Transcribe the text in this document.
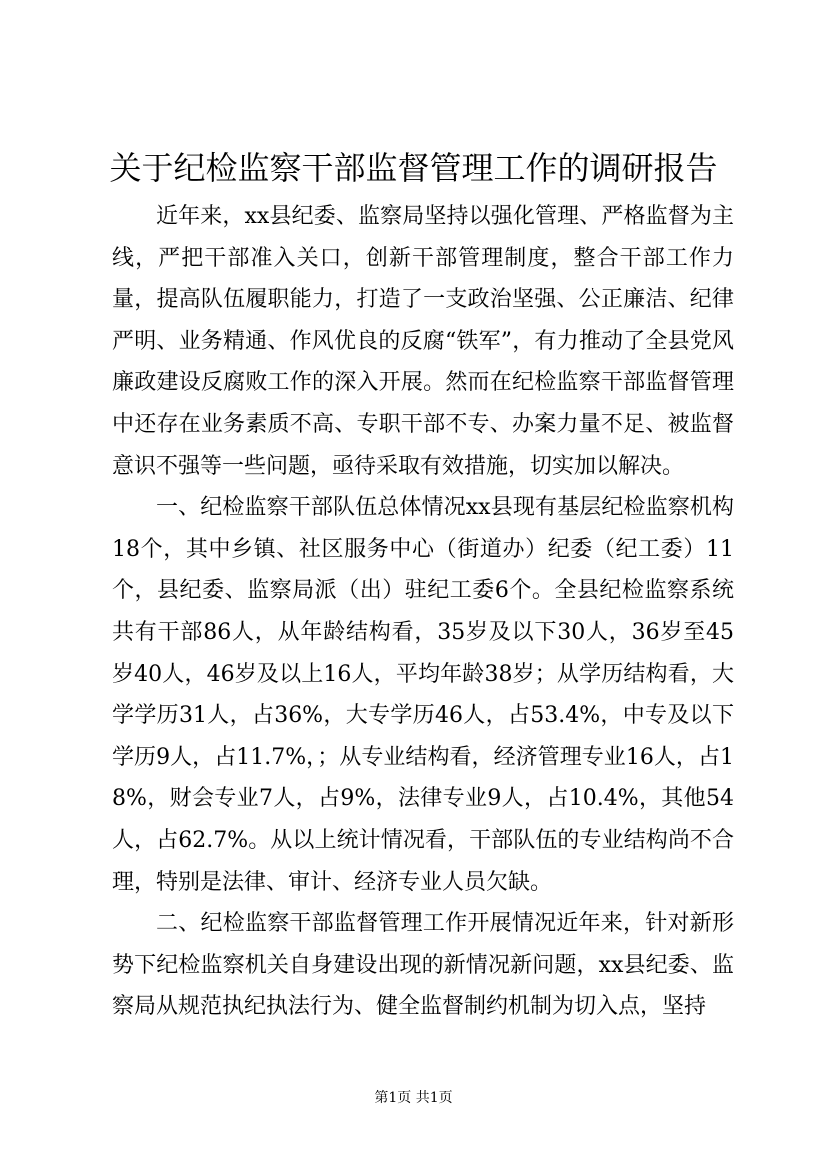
关于纪检监察干部监督管理工作的调研报告

近年来，xx县纪委、监察局坚持以强化管理、严格监督为主线，严把干部准入关口，创新干部管理制度，整合干部工作力量，提高队伍履职能力，打造了一支政治坚强、公正廉洁、纪律严明、业务精通、作风优良的反腐“铁军”，有力推动了全县党风廉政建设反腐败工作的深入开展。然而在纪检监察干部监督管理中还存在业务素质不高、专职干部不专、办案力量不足、被监督意识不强等一些问题，亟待采取有效措施，切实加以解决。

一、纪检监察干部队伍总体情况xx县现有基层纪检监察机构18个，其中乡镇、社区服务中心（街道办）纪委（纪工委）11个，县纪委、监察局派（出）驻纪工委6个。全县纪检监察系统共有干部86人，从年龄结构看，35岁及以下30人，36岁至45岁40人，46岁及以上16人，平均年龄38岁；从学历结构看，大学学历31人，占36%，大专学历46人，占53.4%，中专及以下学历9人，占11.7%，；从专业结构看，经济管理专业16人，占18%，财会专业7人，占9%，法律专业9人，占10.4%，其他54人，占62.7%。从以上统计情况看，干部队伍的专业结构尚不合理，特别是法律、审计、经济专业人员欠缺。

二、纪检监察干部监督管理工作开展情况近年来，针对新形势下纪检监察机关自身建设出现的新情况新问题，xx县纪委、监察局从规范执纪执法行为、健全监督制约机制为切入点，坚持

第1页 共1页
